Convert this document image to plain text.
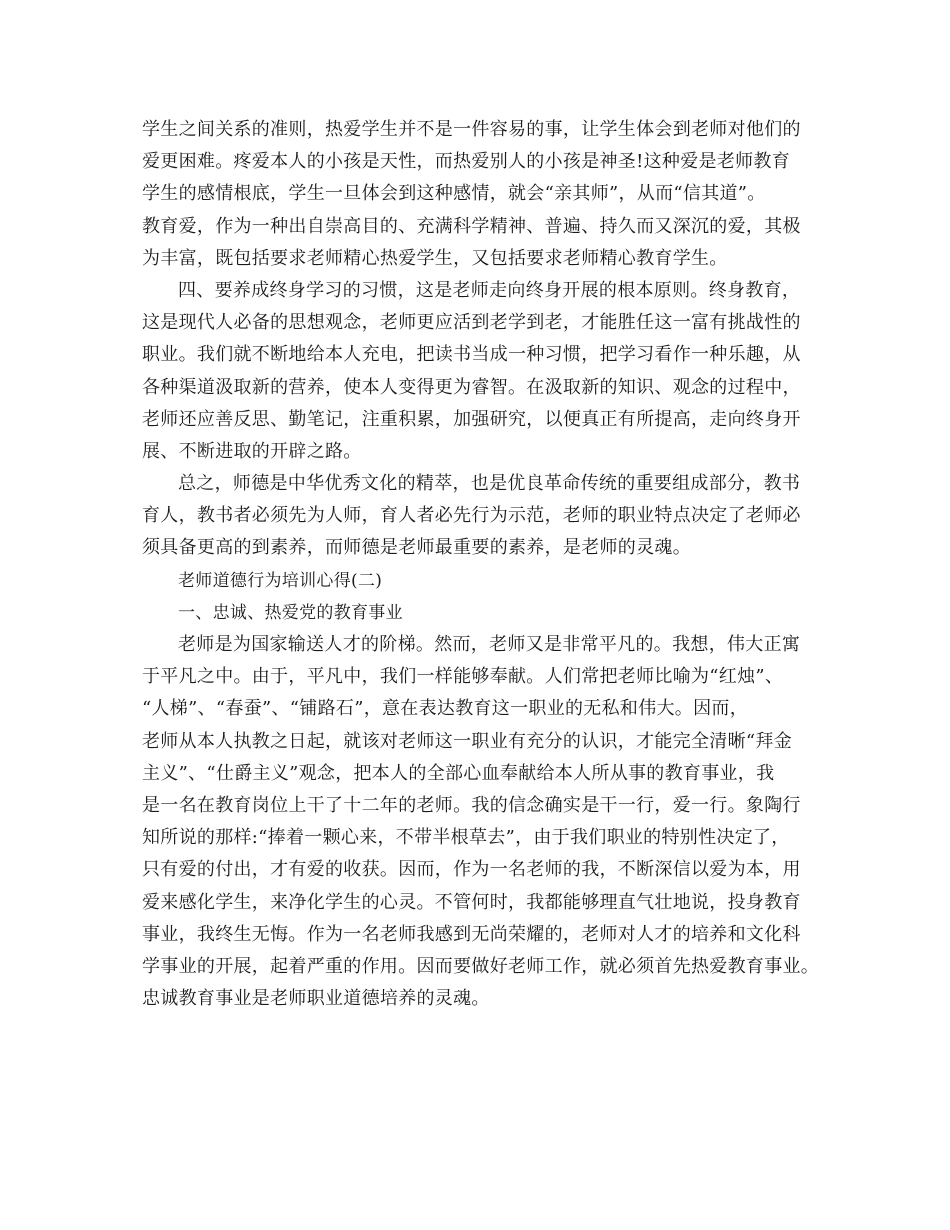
学生之间关系的准则，热爱学生并不是一件容易的事，让学生体会到老师对他们的
爱更困难。疼爱本人的小孩是天性，而热爱别人的小孩是神圣!这种爱是老师教育
学生的感情根底，学生一旦体会到这种感情，就会“亲其师”，从而“信其道”。
教育爱，作为一种出自崇高目的、充满科学精神、普遍、持久而又深沉的爱，其极
为丰富，既包括要求老师精心热爱学生，又包括要求老师精心教育学生。
四、要养成终身学习的习惯，这是老师走向终身开展的根本原则。终身教育，
这是现代人必备的思想观念，老师更应活到老学到老，才能胜任这一富有挑战性的
职业。我们就不断地给本人充电，把读书当成一种习惯，把学习看作一种乐趣，从
各种渠道汲取新的营养，使本人变得更为睿智。在汲取新的知识、观念的过程中，
老师还应善反思、勤笔记，注重积累，加强研究，以便真正有所提高，走向终身开
展、不断进取的开辟之路。
总之，师德是中华优秀文化的精萃，也是优良革命传统的重要组成部分，教书
育人，教书者必须先为人师，育人者必先行为示范，老师的职业特点决定了老师必
须具备更高的到素养，而师德是老师最重要的素养，是老师的灵魂。
老师道德行为培训心得(二)
一、忠诚、热爱党的教育事业
老师是为国家输送人才的阶梯。然而，老师又是非常平凡的。我想，伟大正寓
于平凡之中。由于，平凡中，我们一样能够奉献。人们常把老师比喻为“红烛”、
“人梯”、“春蚕”、“铺路石”，意在表达教育这一职业的无私和伟大。因而，
老师从本人执教之日起，就该对老师这一职业有充分的认识，才能完全清晰“拜金
主义”、“仕爵主义”观念，把本人的全部心血奉献给本人所从事的教育事业，我
是一名在教育岗位上干了十二年的老师。我的信念确实是干一行，爱一行。象陶行
知所说的那样:“捧着一颗心来，不带半根草去”，由于我们职业的特别性决定了，
只有爱的付出，才有爱的收获。因而，作为一名老师的我，不断深信以爱为本，用
爱来感化学生，来净化学生的心灵。不管何时，我都能够理直气壮地说，投身教育
事业，我终生无悔。作为一名老师我感到无尚荣耀的，老师对人才的培养和文化科
学事业的开展，起着严重的作用。因而要做好老师工作，就必须首先热爱教育事业。
忠诚教育事业是老师职业道德培养的灵魂。
